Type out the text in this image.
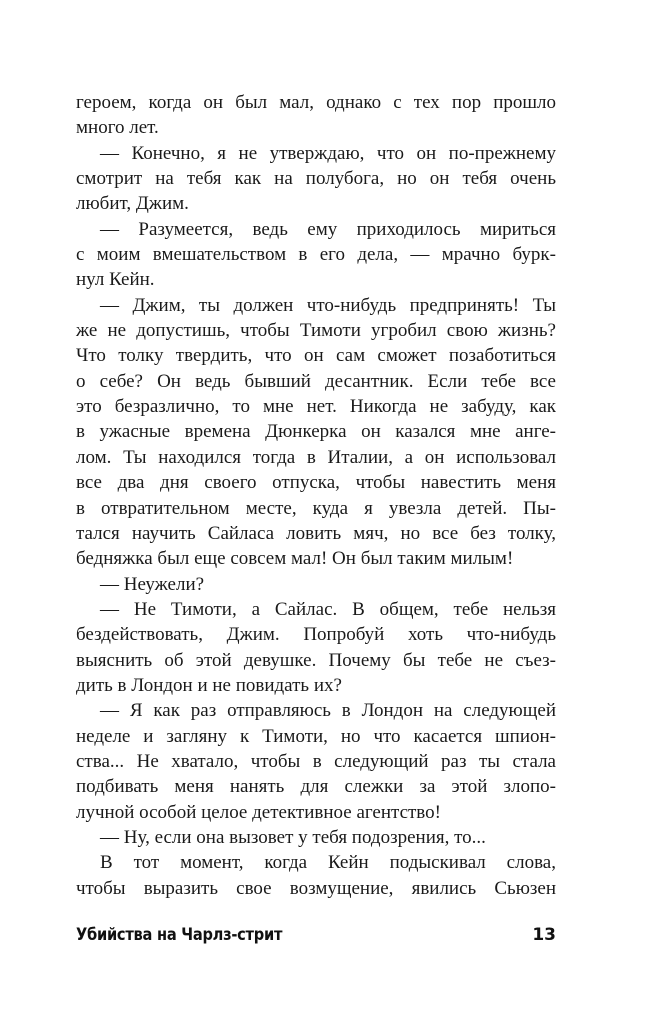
героем, когда он был мал, однако с тех пор прошло
много лет.
— Конечно, я не утверждаю, что он по-прежнему
смотрит на тебя как на полубога, но он тебя очень
любит, Джим.
— Разумеется, ведь ему приходилось мириться
с моим вмешательством в его дела, — мрачно бурк-
нул Кейн.
— Джим, ты должен что-нибудь предпринять! Ты
же не допустишь, чтобы Тимоти угробил свою жизнь?
Что толку твердить, что он сам сможет позаботиться
о себе? Он ведь бывший десантник. Если тебе все
это безразлично, то мне нет. Никогда не забуду, как
в ужасные времена Дюнкерка он казался мне анге-
лом. Ты находился тогда в Италии, а он использовал
все два дня своего отпуска, чтобы навестить меня
в отвратительном месте, куда я увезла детей. Пы-
тался научить Сайласа ловить мяч, но все без толку,
бедняжка был еще совсем мал! Он был таким милым!
— Неужели?
— Не Тимоти, а Сайлас. В общем, тебе нельзя
бездействовать, Джим. Попробуй хоть что-нибудь
выяснить об этой девушке. Почему бы тебе не съез-
дить в Лондон и не повидать их?
— Я как раз отправляюсь в Лондон на следующей
неделе и загляну к Тимоти, но что касается шпион-
ства... Не хватало, чтобы в следующий раз ты стала
подбивать меня нанять для слежки за этой злопо-
лучной особой целое детективное агентство!
— Ну, если она вызовет у тебя подозрения, то...
В тот момент, когда Кейн подыскивал слова,
чтобы выразить свое возмущение, явились Сьюзен
Убийства на Чарлз-стрит	13
